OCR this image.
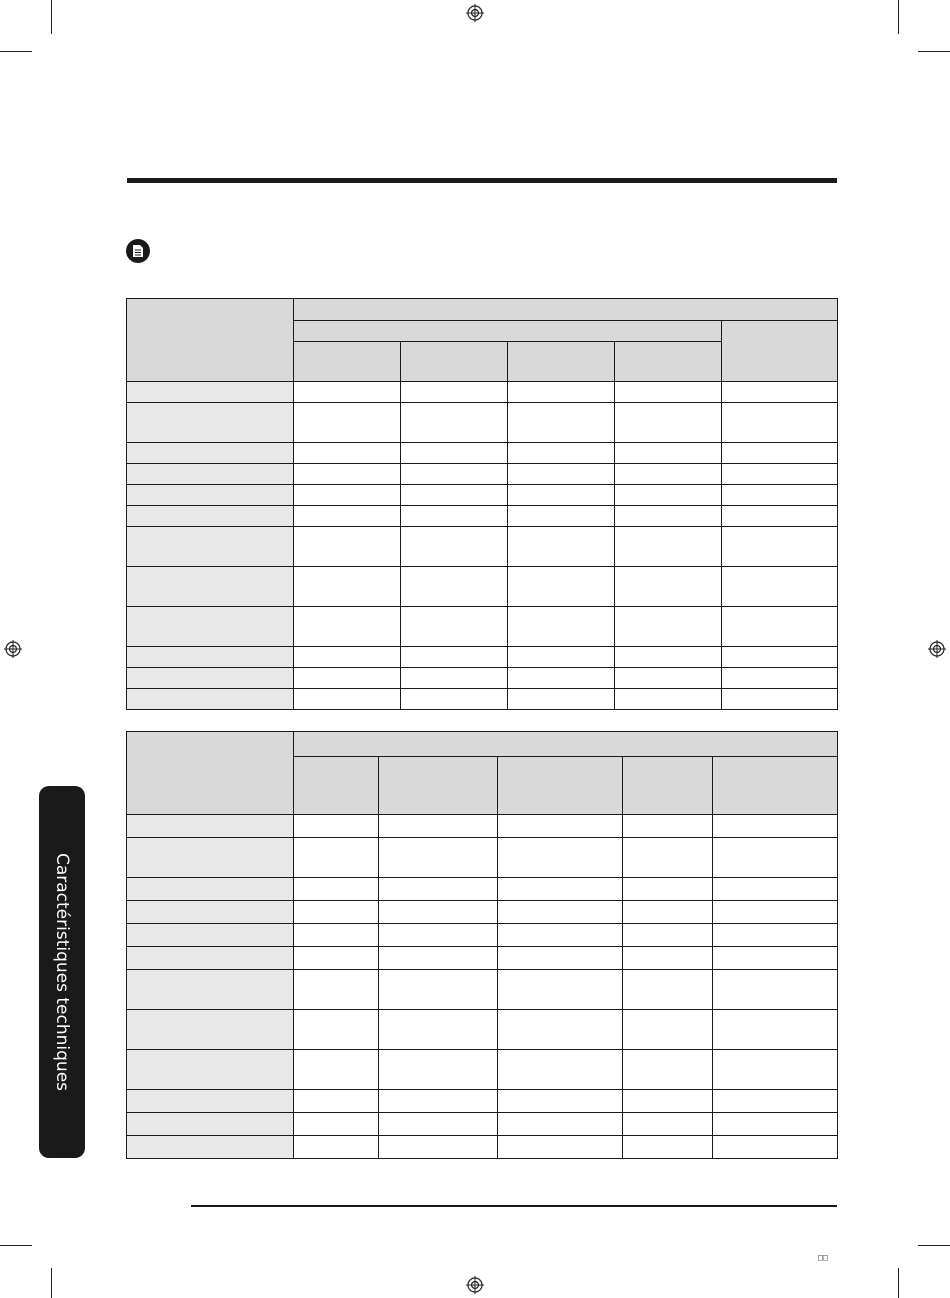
Caractéristiques techniques
□□
